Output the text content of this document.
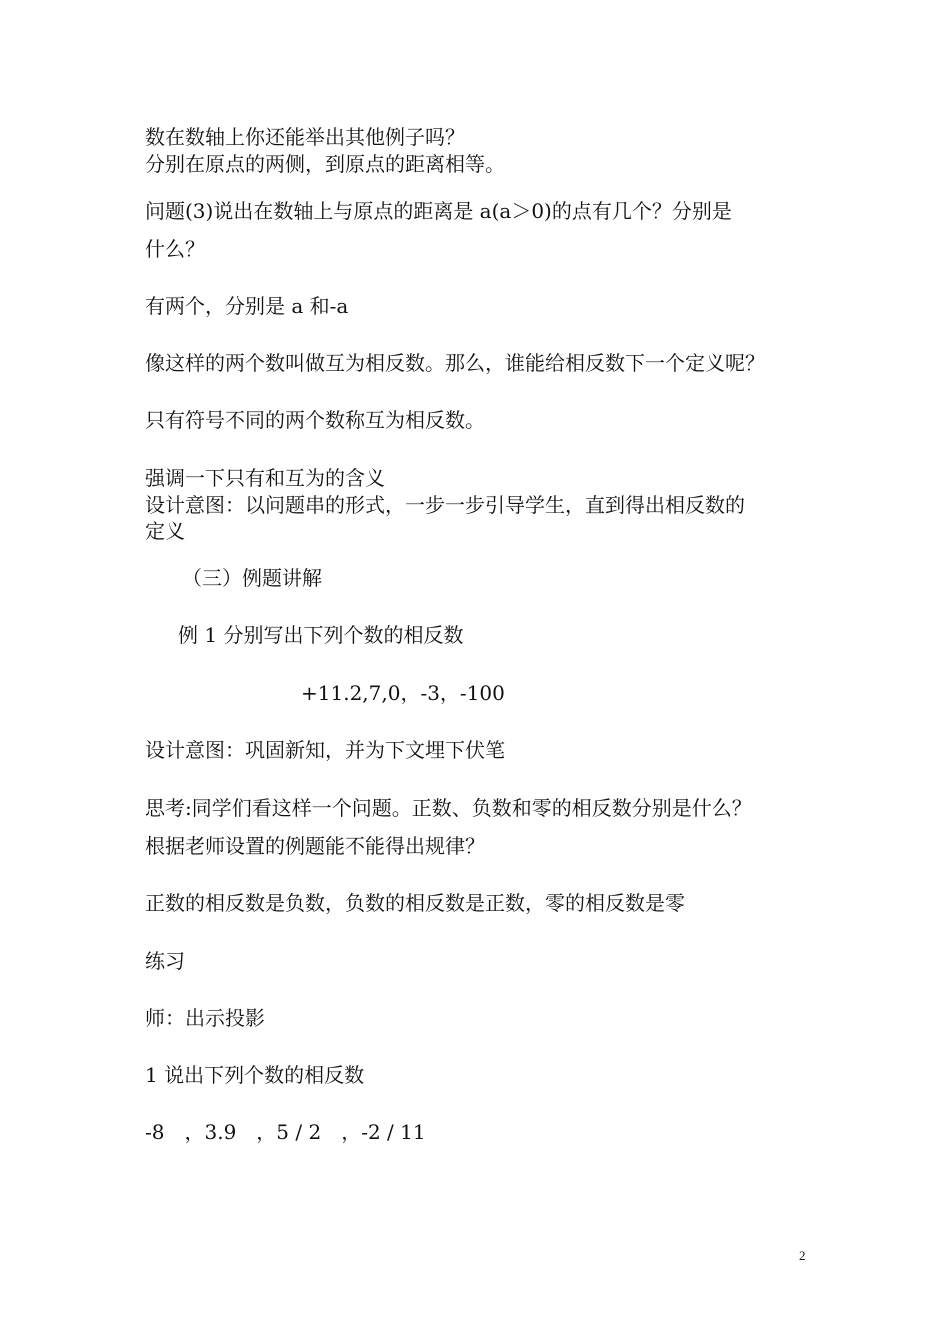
数在数轴上你还能举出其他例子吗？

分别在原点的两侧，到原点的距离相等。

问题(3)说出在数轴上与原点的距离是 a(a＞0)的点有几个？分别是

什么？

有两个，分别是 a 和-a

像这样的两个数叫做互为相反数。那么，谁能给相反数下一个定义呢？

只有符号不同的两个数称互为相反数。

强调一下只有和互为的含义

设计意图：以问题串的形式，一步一步引导学生，直到得出相反数的

定义

（三）例题讲解

例 1 分别写出下列个数的相反数

+11.2,7,0，-3，-100

设计意图：巩固新知，并为下文埋下伏笔

思考:同学们看这样一个问题。正数、负数和零的相反数分别是什么？

根据老师设置的例题能不能得出规律？

正数的相反数是负数，负数的相反数是正数，零的相反数是零

练习

师：出示投影

1 说出下列个数的相反数

-8　，3.9　，5 / 2　，-2 / 11

2
